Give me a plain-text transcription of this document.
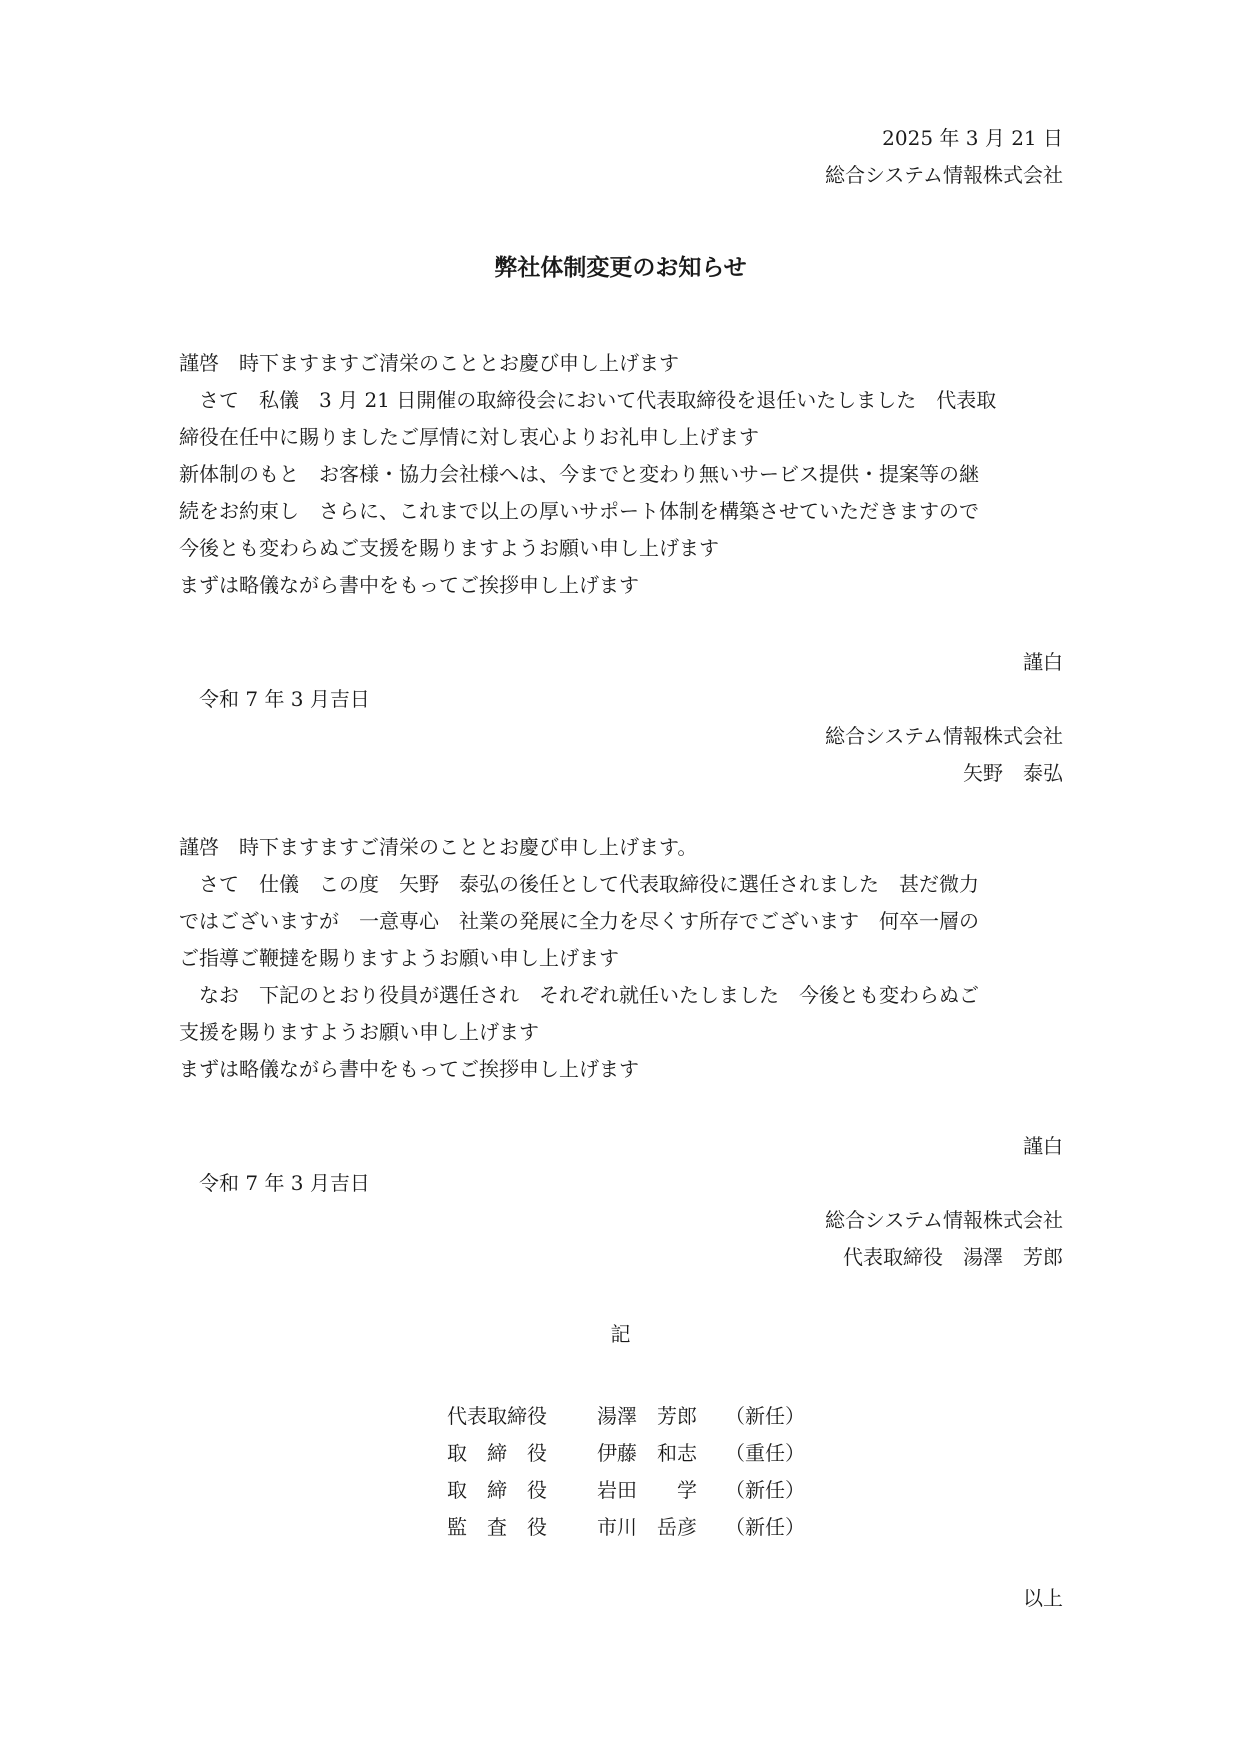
2025 年 3 月 21 日
総合システム情報株式会社
弊社体制変更のお知らせ
謹啓　時下ますますご清栄のこととお慶び申し上げます
　さて　私儀　3 月 21 日開催の取締役会において代表取締役を退任いたしました　代表取
締役在任中に賜りましたご厚情に対し衷心よりお礼申し上げます
新体制のもと　お客様・協力会社様へは、今までと変わり無いサービス提供・提案等の継
続をお約束し　さらに、これまで以上の厚いサポート体制を構築させていただきますので
今後とも変わらぬご支援を賜りますようお願い申し上げます
まずは略儀ながら書中をもってご挨拶申し上げます
謹白
令和 7 年 3 月吉日
総合システム情報株式会社
矢野　泰弘
謹啓　時下ますますご清栄のこととお慶び申し上げます。
　さて　仕儀　この度　矢野　泰弘の後任として代表取締役に選任されました　甚だ微力
ではございますが　一意専心　社業の発展に全力を尽くす所存でございます　何卒一層の
ご指導ご鞭撻を賜りますようお願い申し上げます
　なお　下記のとおり役員が選任され　それぞれ就任いたしました　今後とも変わらぬご
支援を賜りますようお願い申し上げます
まずは略儀ながら書中をもってご挨拶申し上げます
謹白
令和 7 年 3 月吉日
総合システム情報株式会社
代表取締役　湯澤　芳郎
記
代表取締役	湯澤　芳郎	（新任）
取　締　役	伊藤　和志	（重任）
取　締　役	岩田　　学	（新任）
監　査　役	市川　岳彦	（新任）
以上
